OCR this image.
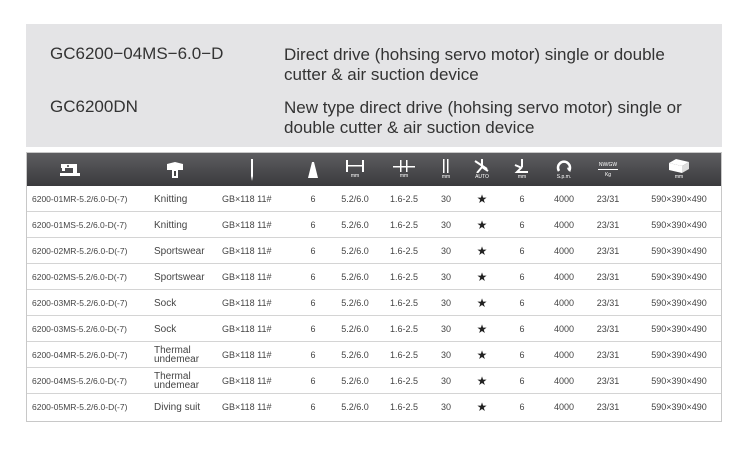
GC6200−04MS−6.0−D	Direct drive (hohsing servo motor) single or double cutter & air suction device
GC6200DN	New type direct drive (hohsing servo motor) single or double cutter & air suction device
mm	mm	mm	AUTO	mm	S.p.m.
NW/GW
Kg	mm
6200-01MR-5.2/6.0-D(-7)	Knitting	GB×118 11#	6	5.2/6.0	1.6-2.5	30 ★	6	4000	23/31	590×390×490
6200-01MS-5.2/6.0-D(-7)	Knitting	GB×118 11#	6	5.2/6.0	1.6-2.5	30 ★	6	4000	23/31	590×390×490
6200-02MR-5.2/6.0-D(-7)	Sportswear	GB×118 11#	6	5.2/6.0	1.6-2.5	30 ★	6	4000	23/31	590×390×490
6200-02MS-5.2/6.0-D(-7)	Sportswear	GB×118 11#	6	5.2/6.0	1.6-2.5	30 ★	6	4000	23/31	590×390×490
6200-03MR-5.2/6.0-D(-7)	Sock	GB×118 11#	6	5.2/6.0	1.6-2.5	30 ★	6	4000	23/31	590×390×490
6200-03MS-5.2/6.0-D(-7)	Sock	GB×118 11#	6	5.2/6.0	1.6-2.5	30 ★	6	4000	23/31	590×390×490
6200-04MR-5.2/6.0-D(-7)	Thermal undemear	GB×118 11#	6	5.2/6.0	1.6-2.5	30 ★	6	4000	23/31	590×390×490
6200-04MS-5.2/6.0-D(-7)	Thermal undemear	GB×118 11#	6	5.2/6.0	1.6-2.5	30 ★	6	4000	23/31	590×390×490
6200-05MR-5.2/6.0-D(-7)	Diving suit	GB×118 11#	6	5.2/6.0	1.6-2.5	30 ★	6	4000	23/31	590×390×490
